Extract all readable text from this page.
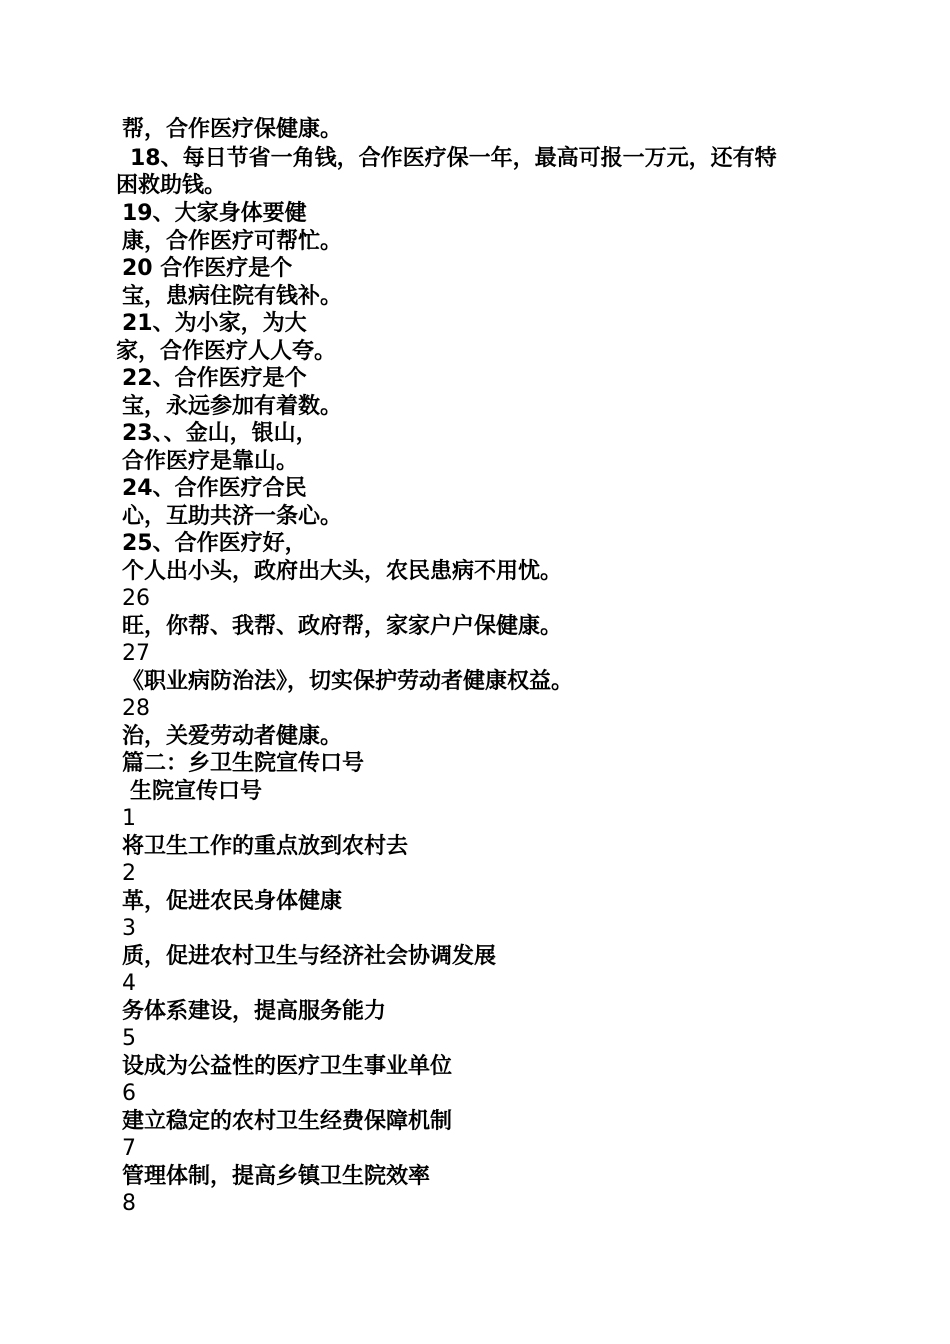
帮，合作医疗保健康。
18、每日节省一角钱，合作医疗保一年，最高可报一万元，还有特
困救助钱。
19、大家身体要健
康，合作医疗可帮忙。
20 合作医疗是个
宝，患病住院有钱补。
21、为小家，为大
家，合作医疗人人夸。
22、合作医疗是个
宝，永远参加有着数。
23、、金山，银山，
合作医疗是靠山。
24、合作医疗合民
心，互助共济一条心。
25、合作医疗好，
个人出小头，政府出大头，农民患病不用忧。
26
旺，你帮、我帮、政府帮，家家户户保健康。
27
《职业病防治法》，切实保护劳动者健康权益。
28
治，关爱劳动者健康。
篇二：乡卫生院宣传口号
生院宣传口号
1
将卫生工作的重点放到农村去
2
革，促进农民身体健康
3
质，促进农村卫生与经济社会协调发展
4
务体系建设，提高服务能力
5
设成为公益性的医疗卫生事业单位
6
建立稳定的农村卫生经费保障机制
7
管理体制，提高乡镇卫生院效率
8
